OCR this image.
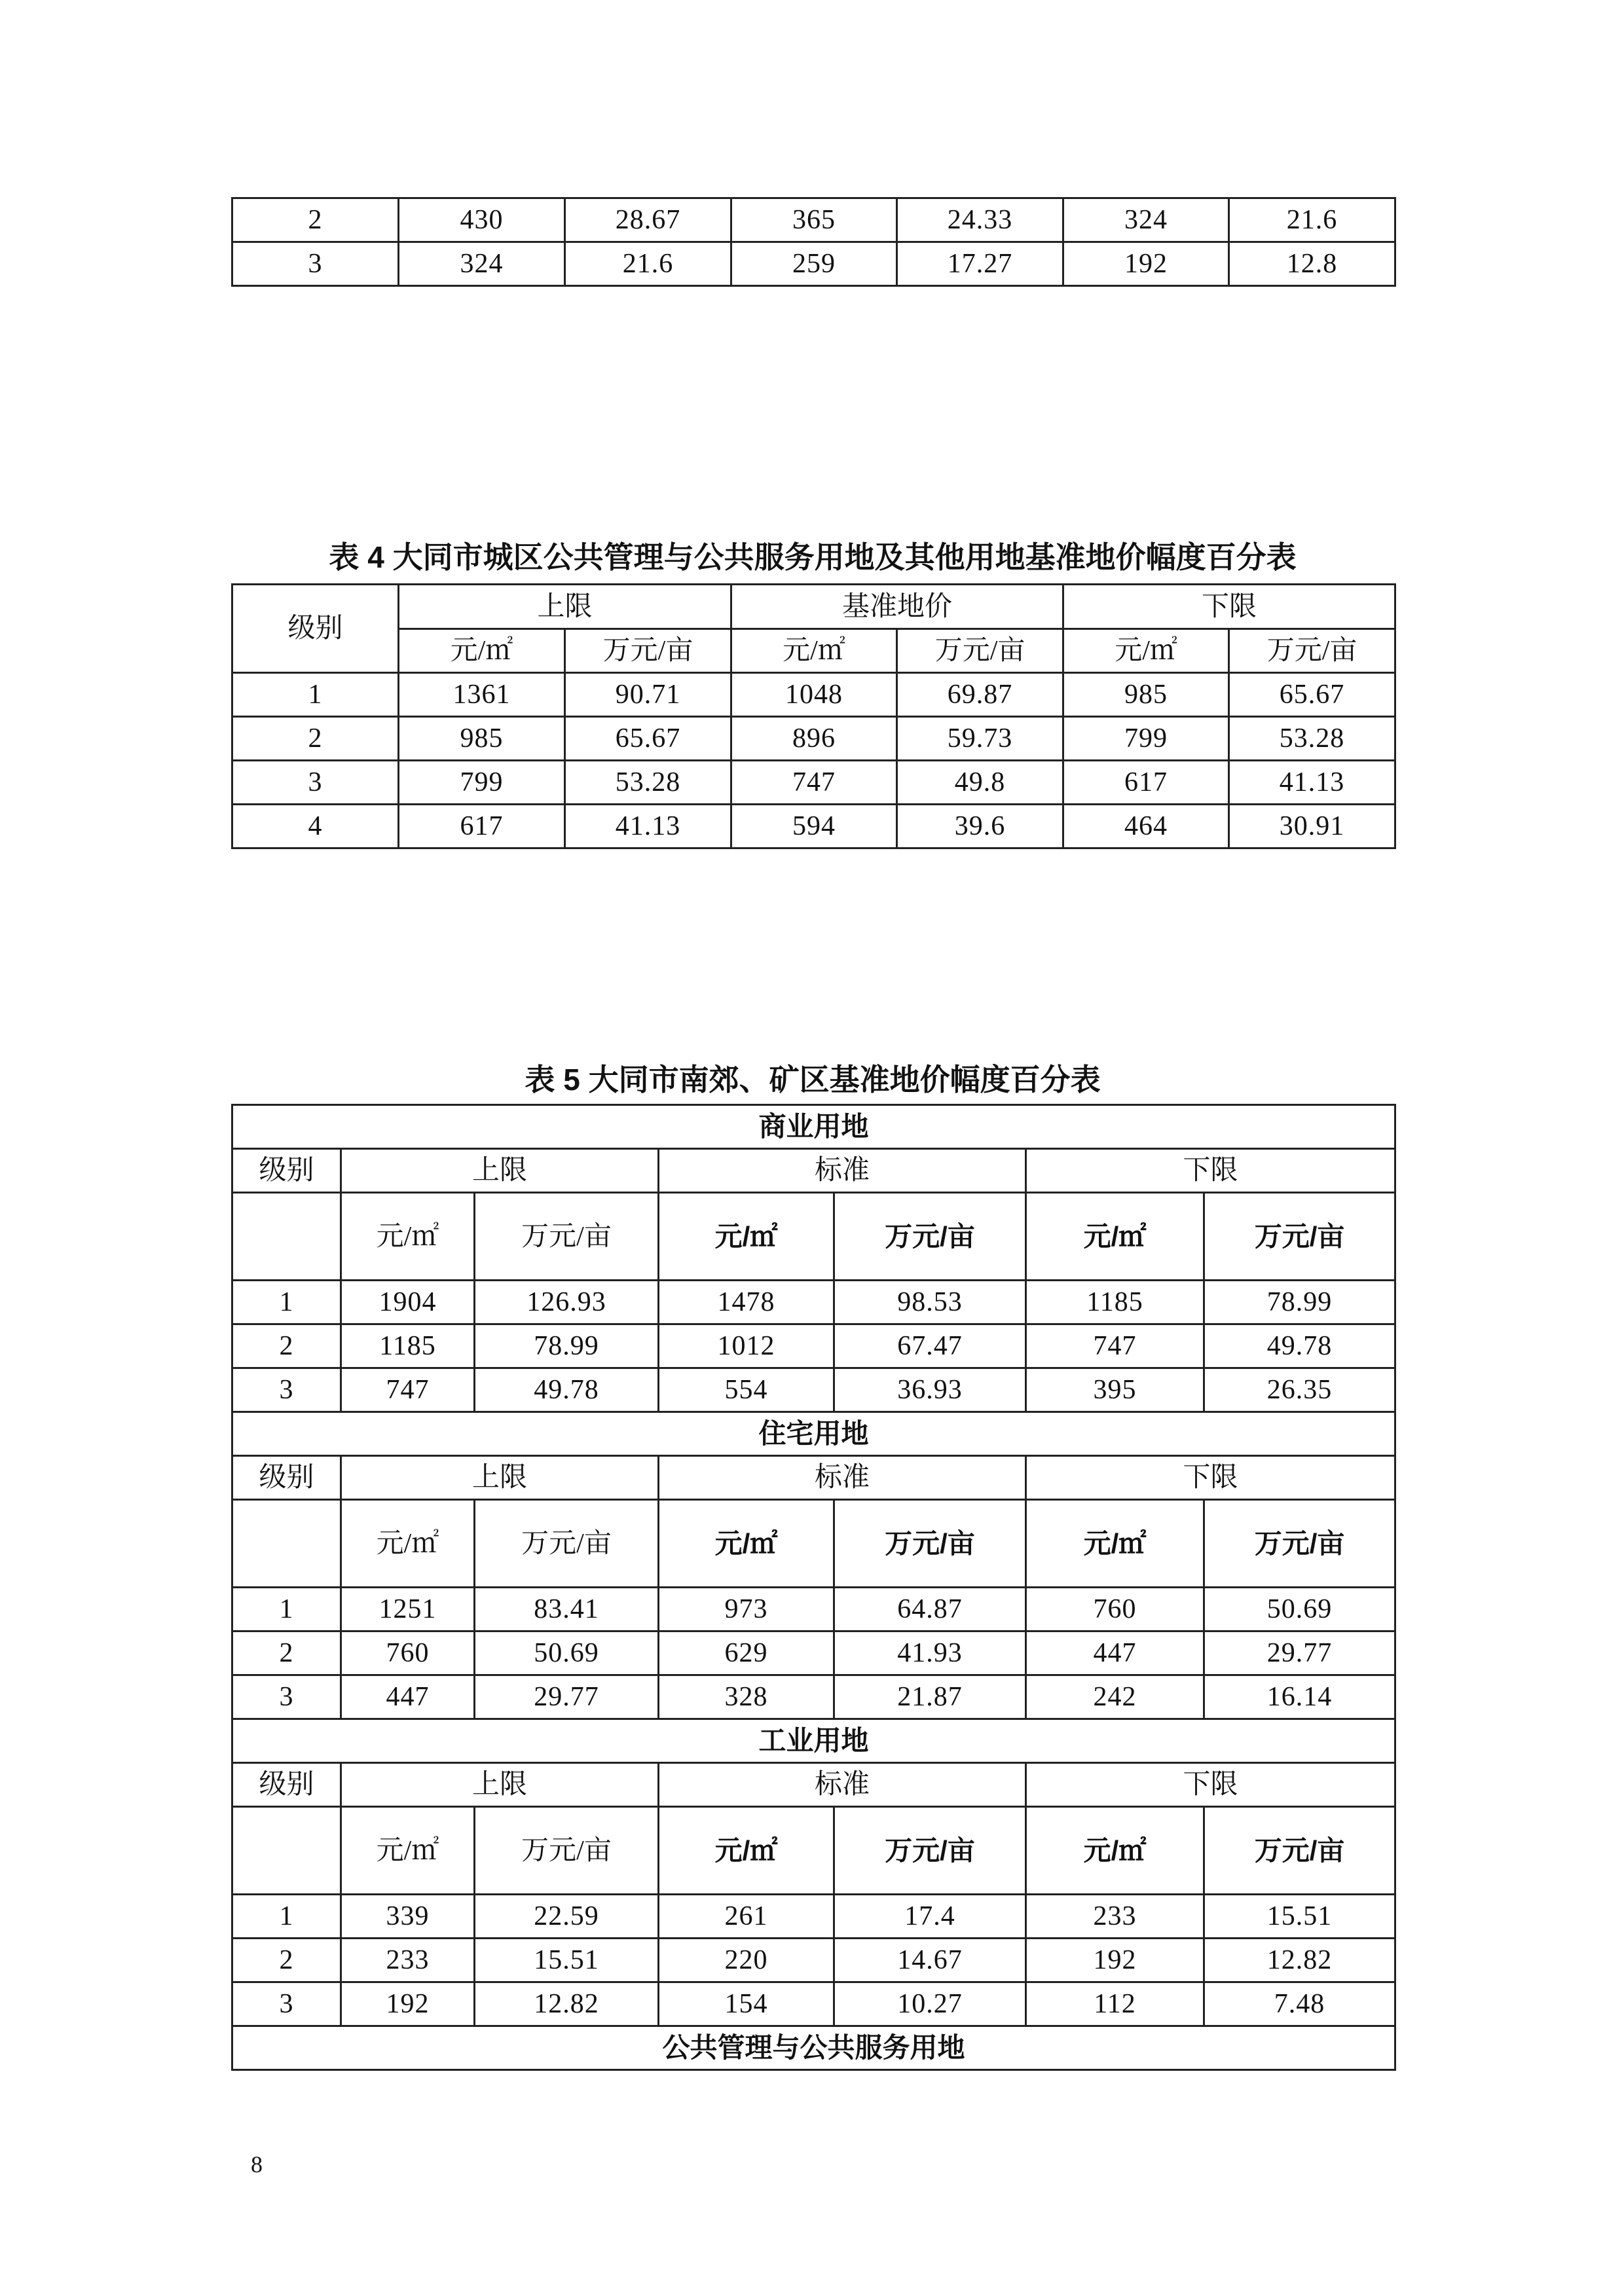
2	430	28.67	365	24.33	324	21.6
3	324	21.6	259	17.27	192	12.8
表 4 大同市城区公共管理与公共服务用地及其他用地基准地价幅度百分表
级别	上限		基准地价		下限	
	元/㎡	万元/亩	元/㎡	万元/亩	元/㎡	万元/亩
1	1361	90.71	1048	69.87	985	65.67
2	985	65.67	896	59.73	799	53.28
3	799	53.28	747	49.8	617	41.13
4	617	41.13	594	39.6	464	30.91
表 5 大同市南郊、矿区基准地价幅度百分表
商业用地						
级别	上限		标准		下限	
	元/㎡	万元/亩	元/㎡	万元/亩	元/㎡	万元/亩
1	1904	126.93	1478	98.53	1185	78.99
2	1185	78.99	1012	67.47	747	49.78
3	747	49.78	554	36.93	395	26.35
住宅用地						
级别	上限		标准		下限	
	元/㎡	万元/亩	元/㎡	万元/亩	元/㎡	万元/亩
1	1251	83.41	973	64.87	760	50.69
2	760	50.69	629	41.93	447	29.77
3	447	29.77	328	21.87	242	16.14
工业用地						
级别	上限		标准		下限	
	元/㎡	万元/亩	元/㎡	万元/亩	元/㎡	万元/亩
1	339	22.59	261	17.4	233	15.51
2	233	15.51	220	14.67	192	12.82
3	192	12.82	154	10.27	112	7.48
公共管理与公共服务用地						
8
